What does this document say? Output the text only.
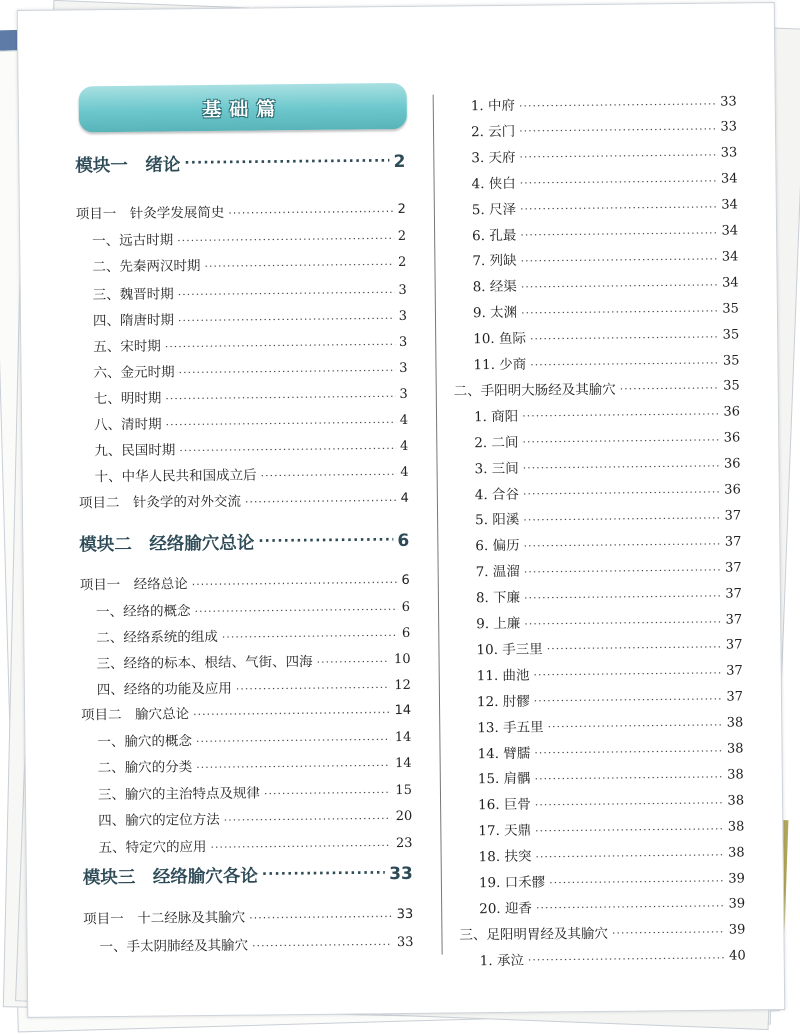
基础篇
模块一　绪论 ·····	2
项目一　针灸学发展简史 ·····	2
一、远古时期 ·····	2
二、先秦两汉时期 ·····	2
三、魏晋时期 ·····	3
四、隋唐时期 ·····	3
五、宋时期 ·····	3
六、金元时期 ·····	3
七、明时期 ·····	3
八、清时期 ·····	4
九、民国时期 ·····	4
十、中华人民共和国成立后 ·····	4
项目二　针灸学的对外交流 ·····	4
模块二　经络腧穴总论 ·····	6
项目一　经络总论 ·····	6
一、经络的概念 ·····	6
二、经络系统的组成 ·····	6
三、经络的标本、根结、气街、四海 ·····	10
四、经络的功能及应用 ·····	12
项目二　腧穴总论 ·····	14
一、腧穴的概念 ·····	14
二、腧穴的分类 ·····	14
三、腧穴的主治特点及规律 ·····	15
四、腧穴的定位方法 ·····	20
五、特定穴的应用 ·····	23
模块三　经络腧穴各论 ·····	33
项目一　十二经脉及其腧穴 ·····	33
一、手太阴肺经及其腧穴 ·····	33
1. 中府 ·····	33
2. 云门 ·····	33
3. 天府 ·····	33
4. 侠白 ·····	34
5. 尺泽 ·····	34
6. 孔最 ·····	34
7. 列缺 ·····	34
8. 经渠 ·····	34
9. 太渊 ·····	35
10. 鱼际 ·····	35
11. 少商 ·····	35
二、手阳明大肠经及其腧穴 ·····	35
1. 商阳 ·····	36
2. 二间 ·····	36
3. 三间 ·····	36
4. 合谷 ·····	36
5. 阳溪 ·····	37
6. 偏历 ·····	37
7. 温溜 ·····	37
8. 下廉 ·····	37
9. 上廉 ·····	37
10. 手三里 ·····	37
11. 曲池 ·····	37
12. 肘髎 ·····	37
13. 手五里 ·····	38
14. 臂臑 ·····	38
15. 肩髃 ·····	38
16. 巨骨 ·····	38
17. 天鼎 ·····	38
18. 扶突 ·····	38
19. 口禾髎 ·····	39
20. 迎香 ·····	39
三、足阳明胃经及其腧穴 ·····	39
1. 承泣 ·····	40
